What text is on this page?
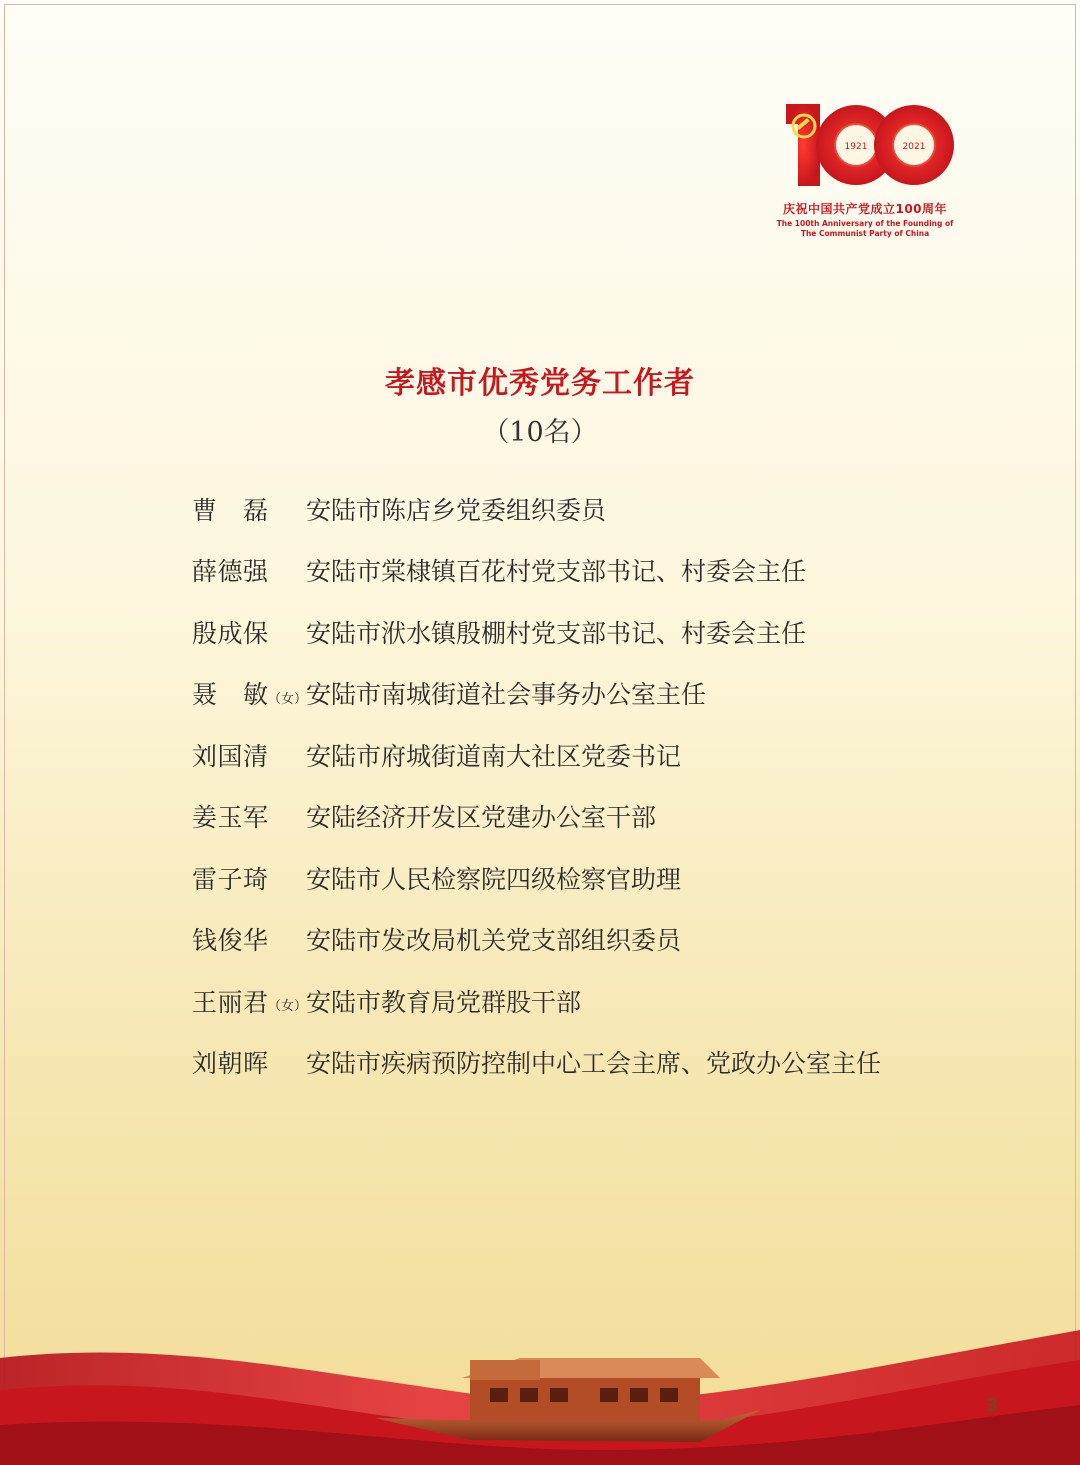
1921	2021
庆祝中国共产党成立100周年
The 100th Anniversary of the Founding of
The Communist Party of China
孝感市优秀党务工作者
（10名）
曹　磊 安陆市陈店乡党委组织委员
薛德强 安陆市棠棣镇百花村党支部书记、村委会主任
殷成保 安陆市洑水镇殷棚村党支部书记、村委会主任
聂　敏 （女）
安陆市南城街道社会事务办公室主任
刘国清 安陆市府城街道南大社区党委书记
姜玉军 安陆经济开发区党建办公室干部
雷子琦 安陆市人民检察院四级检察官助理
钱俊华 安陆市发改局机关党支部组织委员
王丽君 （女）
安陆市教育局党群股干部
刘朝晖 安陆市疾病预防控制中心工会主席、党政办公室主任
3
